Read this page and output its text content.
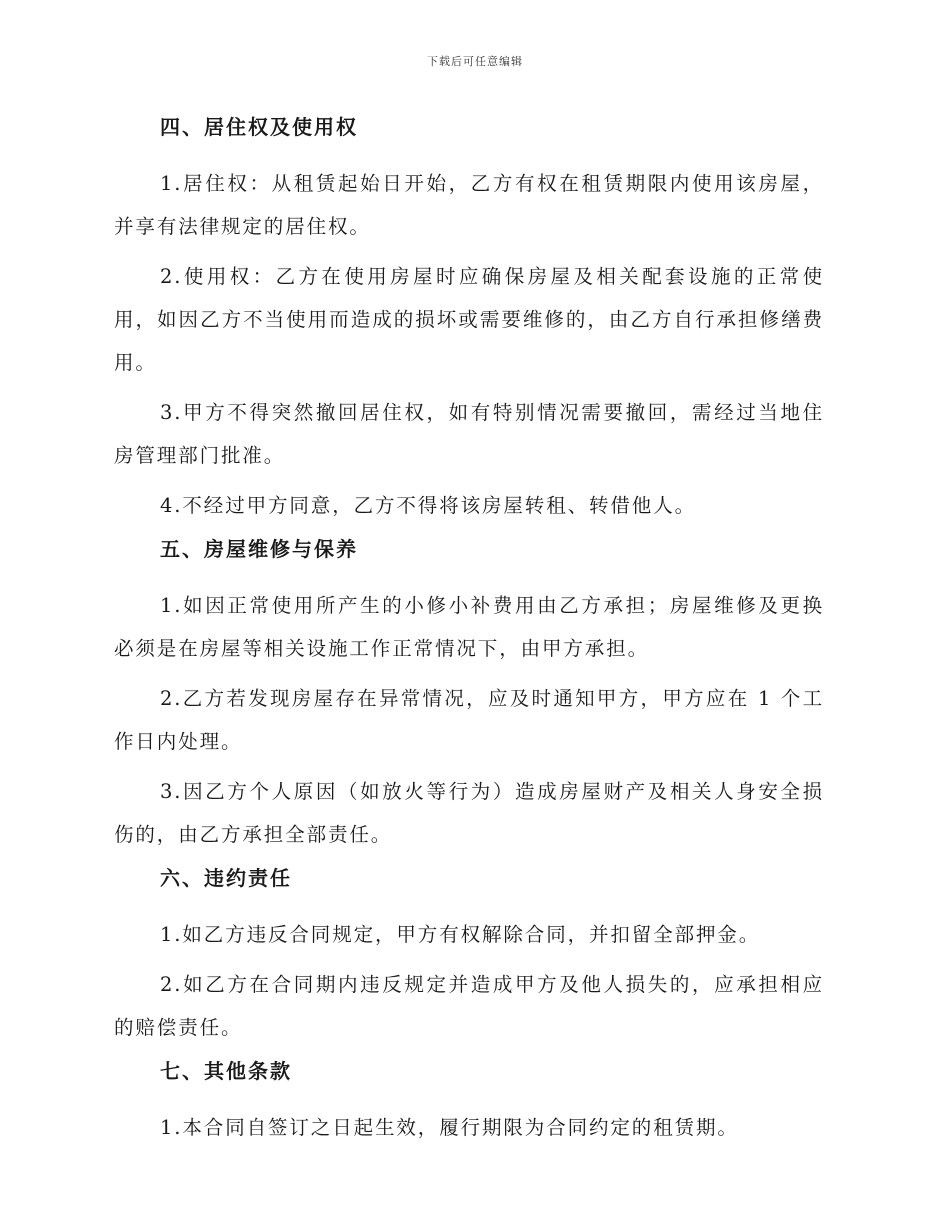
下载后可任意编辑
四、居住权及使用权

1.居住权：从租赁起始日开始，乙方有权在租赁期限内使用该房屋，并享有法律规定的居住权。

2.使用权：乙方在使用房屋时应确保房屋及相关配套设施的正常使用，如因乙方不当使用而造成的损坏或需要维修的，由乙方自行承担修缮费用。

3.甲方不得突然撤回居住权，如有特别情况需要撤回，需经过当地住房管理部门批准。

4.不经过甲方同意，乙方不得将该房屋转租、转借他人。

五、房屋维修与保养

1.如因正常使用所产生的小修小补费用由乙方承担；房屋维修及更换必须是在房屋等相关设施工作正常情况下，由甲方承担。

2.乙方若发现房屋存在异常情况，应及时通知甲方，甲方应在 1 个工作日内处理。

3.因乙方个人原因（如放火等行为）造成房屋财产及相关人身安全损伤的，由乙方承担全部责任。

六、违约责任

1.如乙方违反合同规定，甲方有权解除合同，并扣留全部押金。

2.如乙方在合同期内违反规定并造成甲方及他人损失的，应承担相应的赔偿责任。

七、其他条款

1.本合同自签订之日起生效，履行期限为合同约定的租赁期。
